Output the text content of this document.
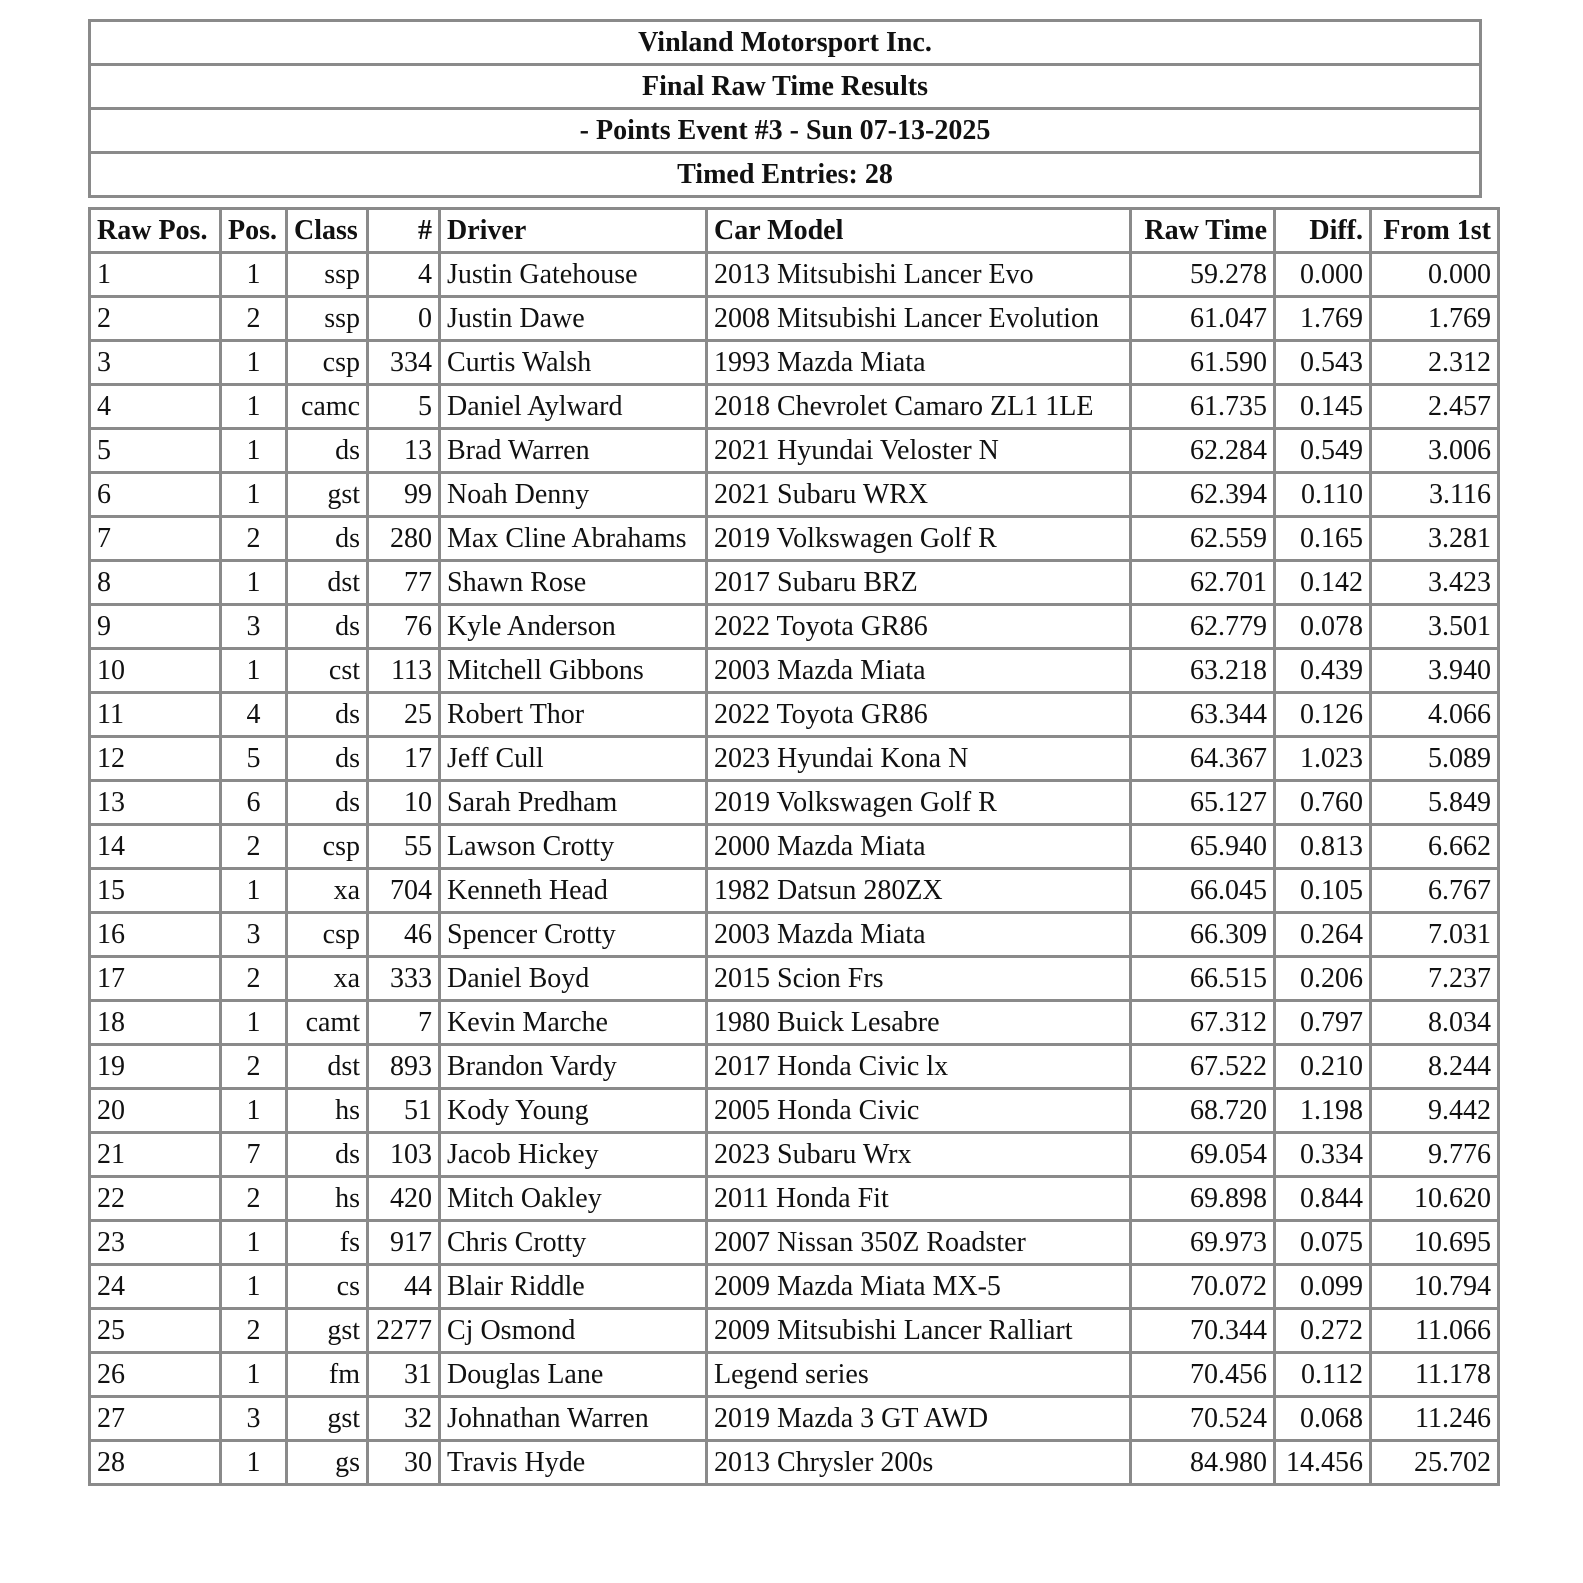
Vinland Motorsport Inc.
Final Raw Time Results
- Points Event #3 - Sun 07-13-2025
Timed Entries: 28
Raw Pos.	Pos.	Class	#	Driver	Car Model	Raw Time	Diff.	From 1st
1	1	ssp	4	Justin Gatehouse	2013 Mitsubishi Lancer Evo	59.278	0.000	0.000
2	2	ssp	0	Justin Dawe	2008 Mitsubishi Lancer Evolution	61.047	1.769	1.769
3	1	csp	334	Curtis Walsh	1993 Mazda Miata	61.590	0.543	2.312
4	1	camc	5	Daniel Aylward	2018 Chevrolet Camaro ZL1 1LE	61.735	0.145	2.457
5	1	ds	13	Brad Warren	2021 Hyundai Veloster N	62.284	0.549	3.006
6	1	gst	99	Noah Denny	2021 Subaru WRX	62.394	0.110	3.116
7	2	ds	280	Max Cline Abrahams	2019 Volkswagen Golf R	62.559	0.165	3.281
8	1	dst	77	Shawn Rose	2017 Subaru BRZ	62.701	0.142	3.423
9	3	ds	76	Kyle Anderson	2022 Toyota GR86	62.779	0.078	3.501
10	1	cst	113	Mitchell Gibbons	2003 Mazda Miata	63.218	0.439	3.940
11	4	ds	25	Robert Thor	2022 Toyota GR86	63.344	0.126	4.066
12	5	ds	17	Jeff Cull	2023 Hyundai Kona N	64.367	1.023	5.089
13	6	ds	10	Sarah Predham	2019 Volkswagen Golf R	65.127	0.760	5.849
14	2	csp	55	Lawson Crotty	2000 Mazda Miata	65.940	0.813	6.662
15	1	xa	704	Kenneth Head	1982 Datsun 280ZX	66.045	0.105	6.767
16	3	csp	46	Spencer Crotty	2003 Mazda Miata	66.309	0.264	7.031
17	2	xa	333	Daniel Boyd	2015 Scion Frs	66.515	0.206	7.237
18	1	camt	7	Kevin Marche	1980 Buick Lesabre	67.312	0.797	8.034
19	2	dst	893	Brandon Vardy	2017 Honda Civic lx	67.522	0.210	8.244
20	1	hs	51	Kody Young	2005 Honda Civic	68.720	1.198	9.442
21	7	ds	103	Jacob Hickey	2023 Subaru Wrx	69.054	0.334	9.776
22	2	hs	420	Mitch Oakley	2011 Honda Fit	69.898	0.844	10.620
23	1	fs	917	Chris Crotty	2007 Nissan 350Z Roadster	69.973	0.075	10.695
24	1	cs	44	Blair Riddle	2009 Mazda Miata MX-5	70.072	0.099	10.794
25	2	gst	2277	Cj Osmond	2009 Mitsubishi Lancer Ralliart	70.344	0.272	11.066
26	1	fm	31	Douglas Lane	Legend series	70.456	0.112	11.178
27	3	gst	32	Johnathan Warren	2019 Mazda 3 GT AWD	70.524	0.068	11.246
28	1	gs	30	Travis Hyde	2013 Chrysler 200s	84.980	14.456	25.702
